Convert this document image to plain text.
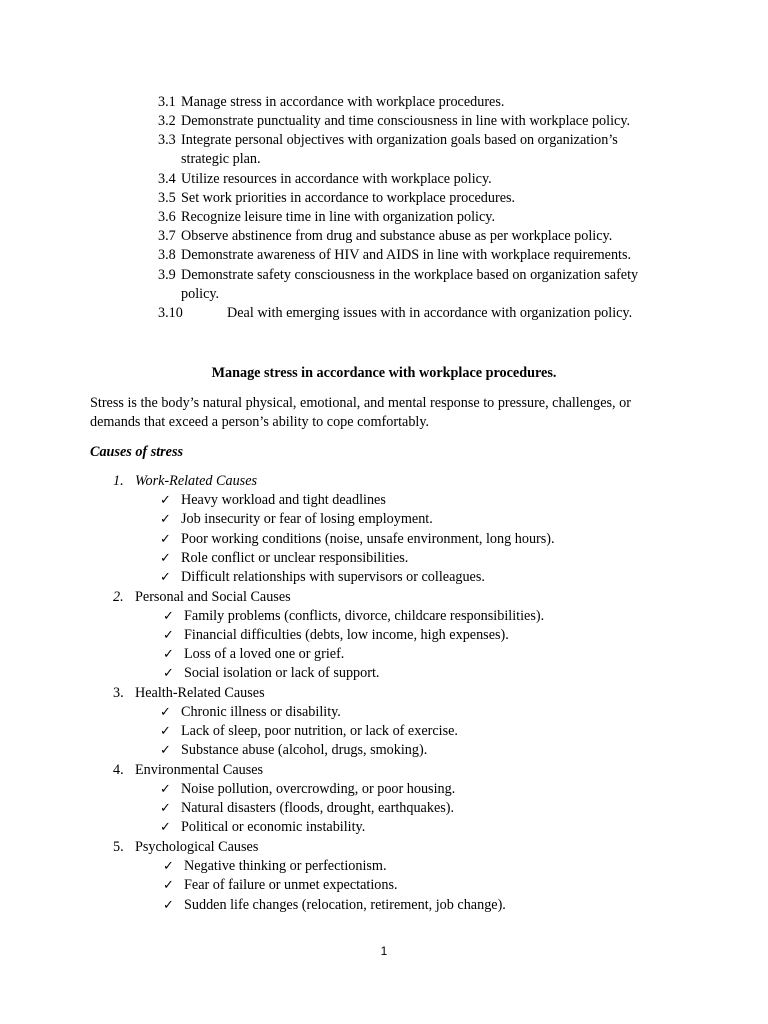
3.1 Manage stress in accordance with workplace procedures.
3.2 Demonstrate punctuality and time consciousness in line with workplace policy.
3.3 Integrate personal objectives with organization goals based on organization’s
strategic plan.
3.4 Utilize resources in accordance with workplace policy.
3.5 Set work priorities in accordance to workplace procedures.
3.6 Recognize leisure time in line with organization policy.
3.7 Observe abstinence from drug and substance abuse as per workplace policy.
3.8 Demonstrate awareness of HIV and AIDS in line with workplace requirements.
3.9 Demonstrate safety consciousness in the workplace based on organization safety
policy.
3.10	Deal with emerging issues with in accordance with organization policy.
Manage stress in accordance with workplace procedures.
Stress is the body’s natural physical, emotional, and mental response to pressure, challenges, or
demands that exceed a person’s ability to cope comfortably.
Causes of stress
1. Work-Related Causes
✓ Heavy workload and tight deadlines
✓ Job insecurity or fear of losing employment.
✓ Poor working conditions (noise, unsafe environment, long hours).
✓ Role conflict or unclear responsibilities.
✓ Difficult relationships with supervisors or colleagues.
2. Personal and Social Causes
✓ Family problems (conflicts, divorce, childcare responsibilities).
✓ Financial difficulties (debts, low income, high expenses).
✓ Loss of a loved one or grief.
✓ Social isolation or lack of support.
3. Health-Related Causes
✓ Chronic illness or disability.
✓ Lack of sleep, poor nutrition, or lack of exercise.
✓ Substance abuse (alcohol, drugs, smoking).
4. Environmental Causes
✓ Noise pollution, overcrowding, or poor housing.
✓ Natural disasters (floods, drought, earthquakes).
✓ Political or economic instability.
5. Psychological Causes
✓ Negative thinking or perfectionism.
✓ Fear of failure or unmet expectations.
✓ Sudden life changes (relocation, retirement, job change).
1
